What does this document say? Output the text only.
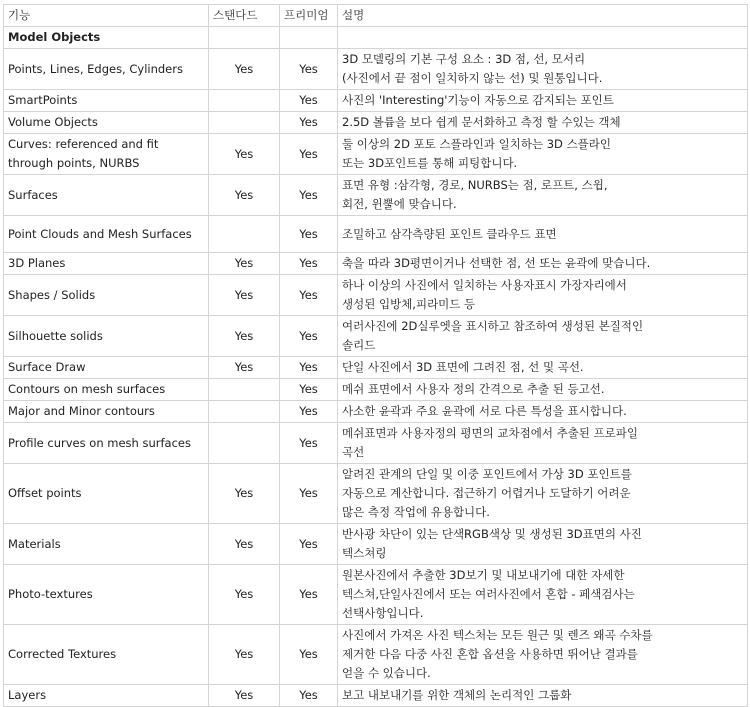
기능	스탠다드	프리미엄	설명
Model Objects			
Points, Lines, Edges, Cylinders	Yes	Yes	3D 모델링의 기본 구성 요소 : 3D 점, 선, 모서리
(사진에서 끝 점이 일치하지 않는 선) 및 원통입니다.
SmartPoints		Yes	사진의 'Interesting'기능이 자동으로 감지되는 포인트
Volume Objects		Yes	2.5D 볼륨을 보다 쉽게 문서화하고 측정 할 수있는 객체
Curves: referenced and fit
through points, NURBS	Yes	Yes	둘 이상의 2D 포토 스플라인과 일치하는 3D 스플라인
또는 3D포인트를 통해 피팅합니다.
Surfaces	Yes	Yes	표면 유형 :삼각형, 경로, NURBS는 점, 로프트, 스윕,
회전, 윈뿔에 맞습니다.
Point Clouds and Mesh Surfaces		Yes	조밀하고 삼각측량된 포인트 클라우드 표면
3D Planes	Yes	Yes	축을 따라 3D평면이거나 선택한 점, 선 또는 윤곽에 맞습니다.
Shapes / Solids	Yes	Yes	하나 이상의 사진에서 일치하는 사용자표시 가장자리에서
생성된 입방체,피라미드 등
Silhouette solids	Yes	Yes	여러사진에 2D실루엣을 표시하고 참조하여 생성된 본질적인
솔리드
Surface Draw	Yes	Yes	단일 사진에서 3D 표면에 그려진 점, 선 및 곡선.
Contours on mesh surfaces		Yes	메쉬 표면에서 사용자 정의 간격으로 추출 된 등고선.
Major and Minor contours		Yes	사소한 윤곽과 주요 윤곽에 서로 다른 특성을 표시합니다.
Profile curves on mesh surfaces		Yes	메쉬표면과 사용자정의 평면의 교차점에서 추출된 프로파일
곡선
Offset points	Yes	Yes	알려진 관계의 단일 및 이중 포인트에서 가상 3D 포인트를
자동으로 계산합니다. 접근하기 어렵거나 도달하기 어려운
많은 측정 작업에 유용합니다.
Materials	Yes	Yes	반사광 차단이 있는 단색RGB색상 및 생성된 3D표면의 사진
텍스쳐링
Photo-textures	Yes	Yes	원본사진에서 추출한 3D보기 및 내보내기에 대한 자세한
텍스쳐,단일사진에서 또는 여러사진에서 혼합 - 페색검사는
선택사항입니다.
Corrected Textures	Yes	Yes	사진에서 가져온 사진 텍스처는 모든 원근 및 렌즈 왜곡 수차를
제거한 다음 다중 사진 혼합 옵션을 사용하면 뛰어난 결과를
얻을 수 있습니다.
Layers	Yes	Yes	보고 내보내기를 위한 객체의 논리적인 그룹화
